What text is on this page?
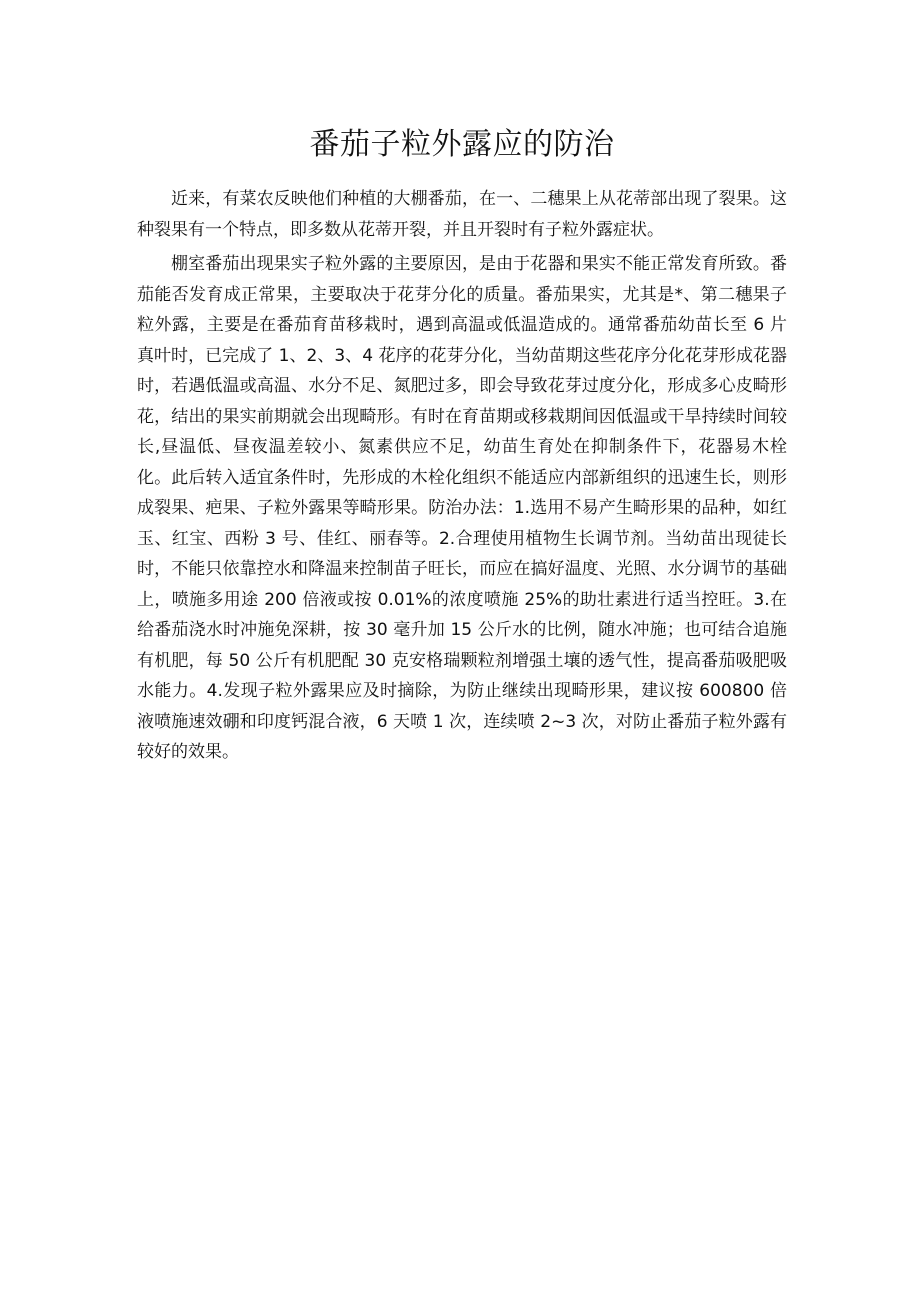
番茄子粒外露应的防治

近来，有菜农反映他们种植的大棚番茄，在一、二穗果上从花蒂部出现了裂果。这种裂果有一个特点，即多数从花蒂开裂，并且开裂时有子粒外露症状。

棚室番茄出现果实子粒外露的主要原因，是由于花器和果实不能正常发育所致。番茄能否发育成正常果，主要取决于花芽分化的质量。番茄果实，尤其是*、第二穗果子粒外露，主要是在番茄育苗移栽时，遇到高温或低温造成的。通常番茄幼苗长至 6 片真叶时，已完成了 1、2、3、4 花序的花芽分化，当幼苗期这些花序分化花芽形成花器时，若遇低温或高温、水分不足、氮肥过多，即会导致花芽过度分化，形成多心皮畸形花，结出的果实前期就会出现畸形。有时在育苗期或移栽期间因低温或干旱持续时间较长,昼温低、昼夜温差较小、氮素供应不足，幼苗生育处在抑制条件下，花器易木栓化。此后转入适宜条件时，先形成的木栓化组织不能适应内部新组织的迅速生长，则形成裂果、疤果、子粒外露果等畸形果。防治办法：1.选用不易产生畸形果的品种，如红玉、红宝、西粉 3 号、佳红、丽春等。2.合理使用植物生长调节剂。当幼苗出现徒长时，不能只依靠控水和降温来控制苗子旺长，而应在搞好温度、光照、水分调节的基础上，喷施多用途 200 倍液或按 0.01%的浓度喷施 25%的助壮素进行适当控旺。3.在给番茄浇水时冲施免深耕，按 30 毫升加 15 公斤水的比例，随水冲施；也可结合追施有机肥，每 50 公斤有机肥配 30 克安格瑞颗粒剂增强土壤的透气性，提高番茄吸肥吸水能力。4.发现子粒外露果应及时摘除，为防止继续出现畸形果，建议按 600800 倍液喷施速效硼和印度钙混合液，6 天喷 1 次，连续喷 2~3 次，对防止番茄子粒外露有较好的效果。
